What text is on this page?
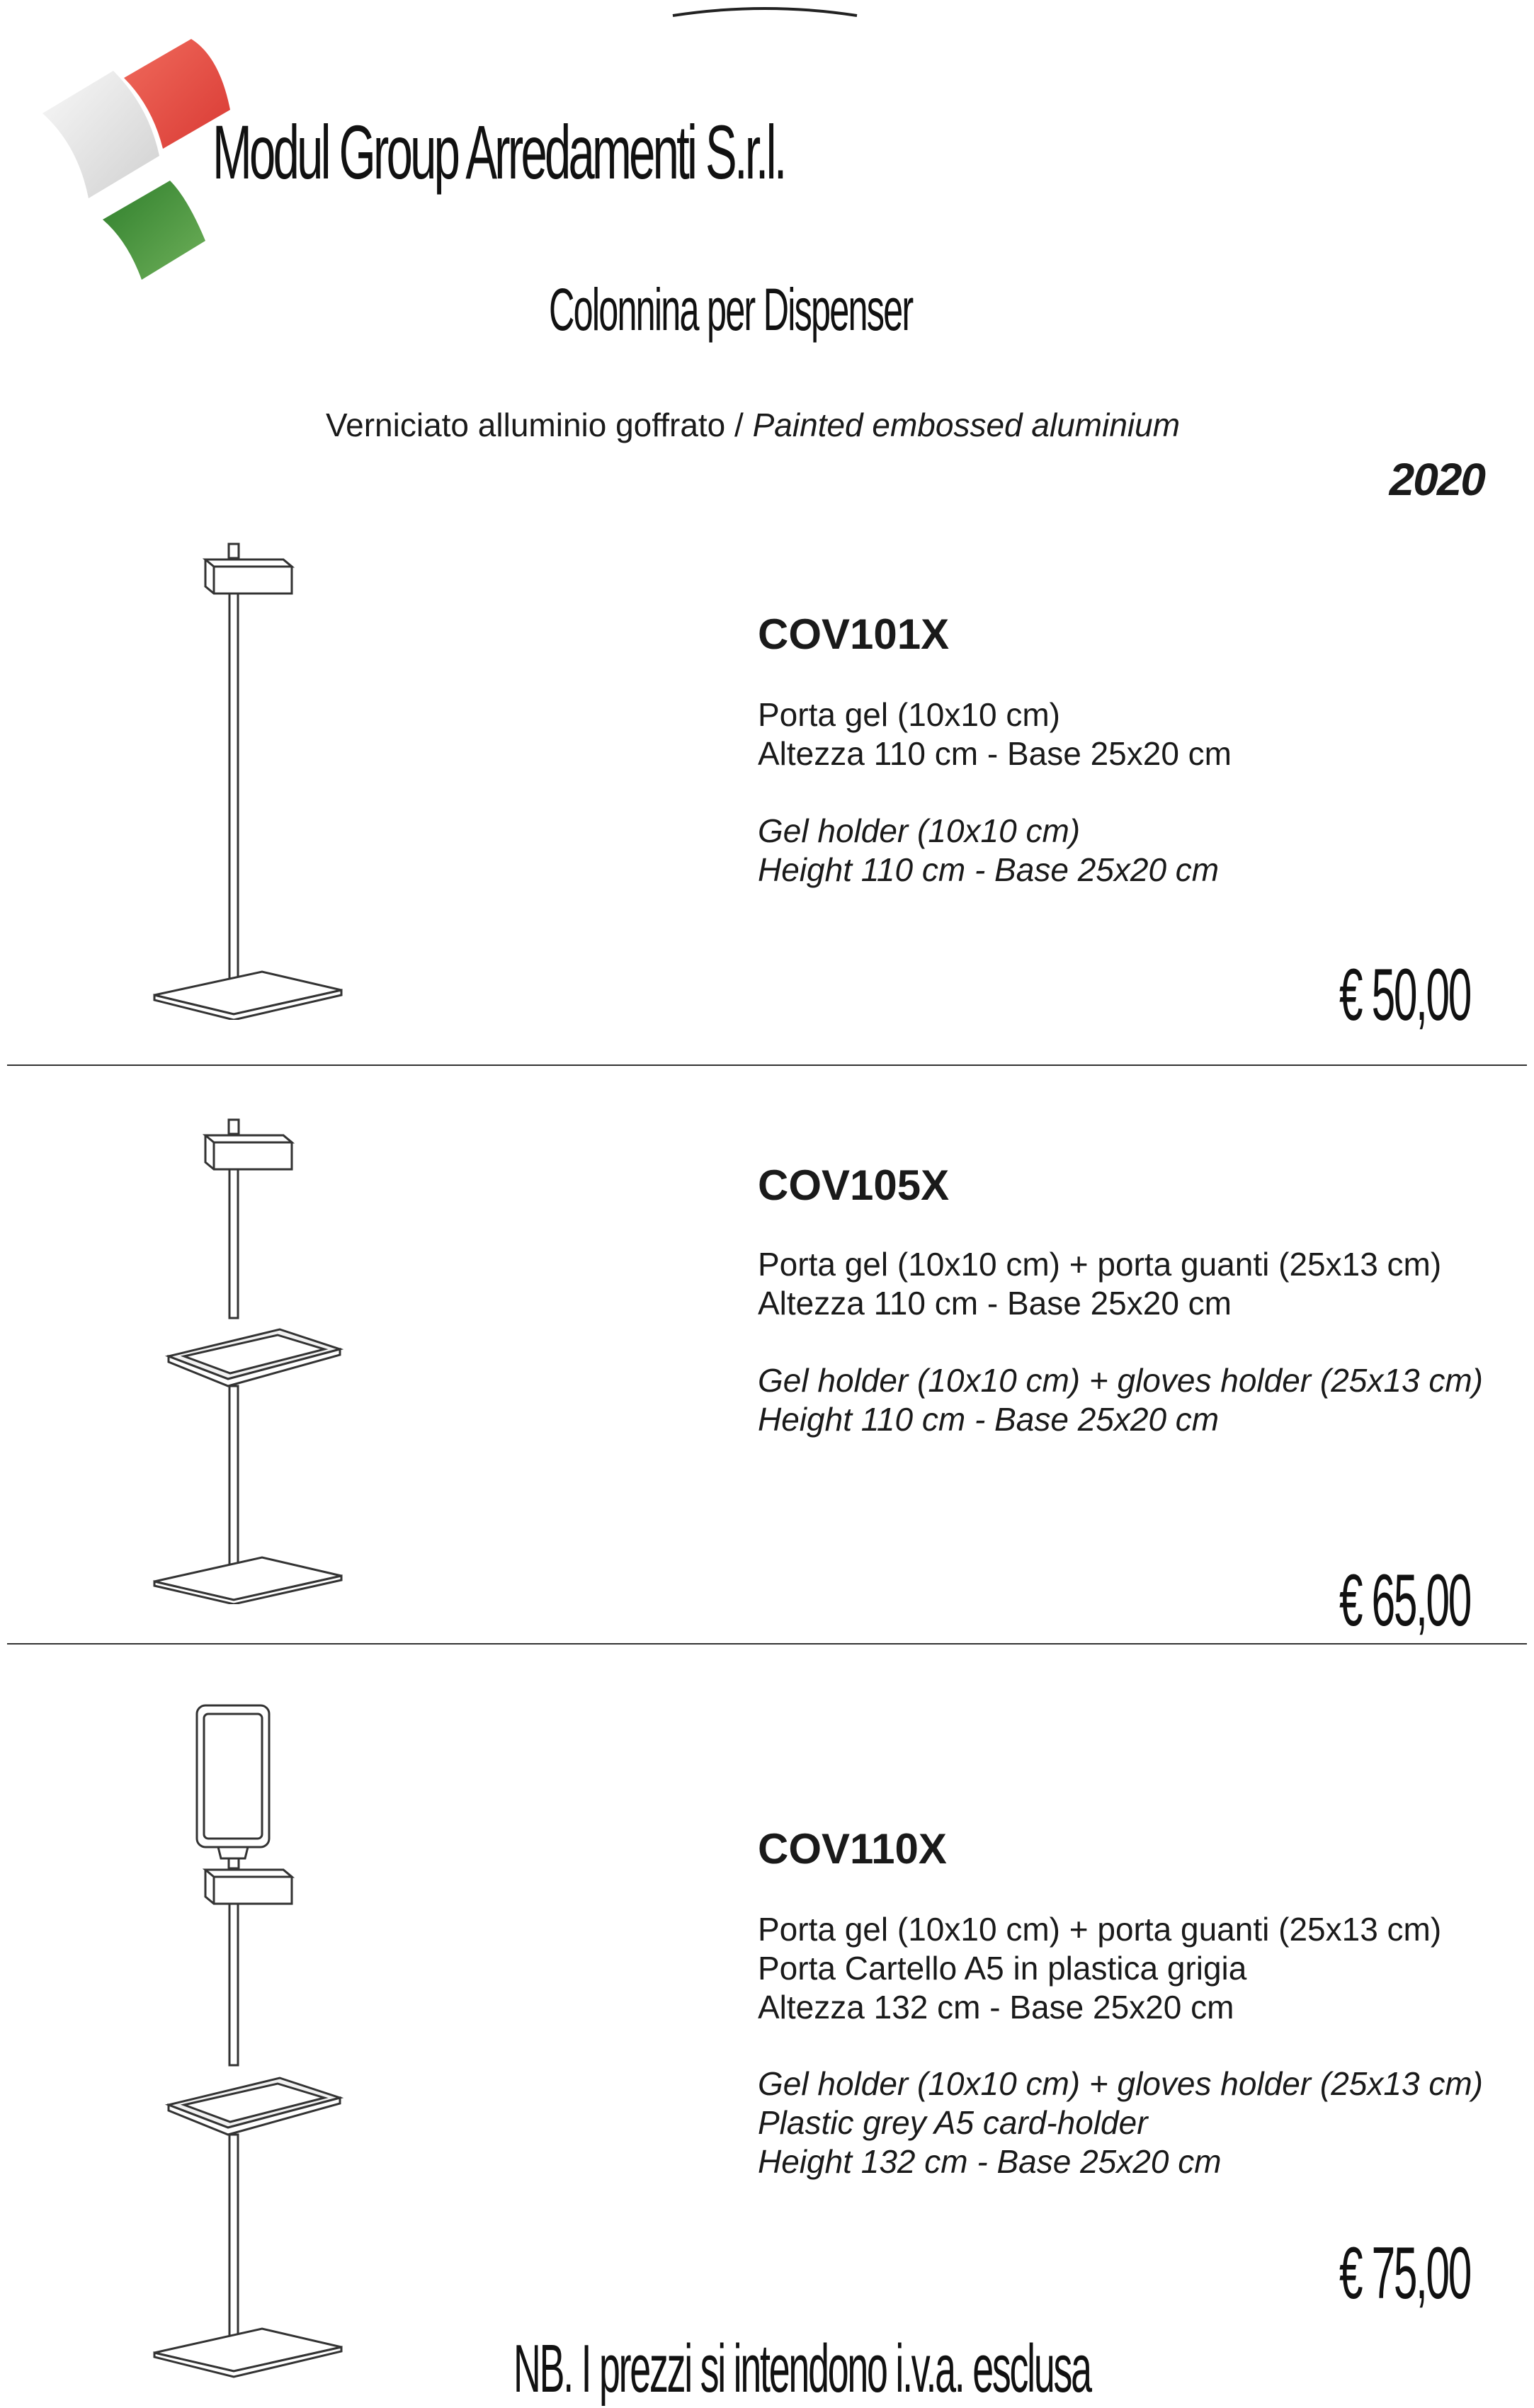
Modul Group Arredamenti S.r.l.
Colonnina per Dispenser
Verniciato alluminio goffrato / Painted embossed aluminium
2020
COV101X
Porta gel (10x10 cm)
Altezza 110 cm - Base 25x20 cm
Gel holder (10x10 cm)
Height 110 cm - Base 25x20 cm
€ 50,00
COV105X
Porta gel (10x10 cm) + porta guanti (25x13 cm)
Altezza 110 cm - Base 25x20 cm
Gel holder (10x10 cm) + gloves holder (25x13 cm)
Height 110 cm - Base 25x20 cm
€ 65,00
COV110X
Porta gel (10x10 cm) + porta guanti (25x13 cm)
Porta Cartello A5 in plastica grigia
Altezza 132 cm - Base 25x20 cm
Gel holder (10x10 cm) + gloves holder (25x13 cm)
Plastic grey A5 card-holder
Height 132 cm - Base 25x20 cm
€ 75,00
NB. I prezzi si intendono i.v.a. esclusa
